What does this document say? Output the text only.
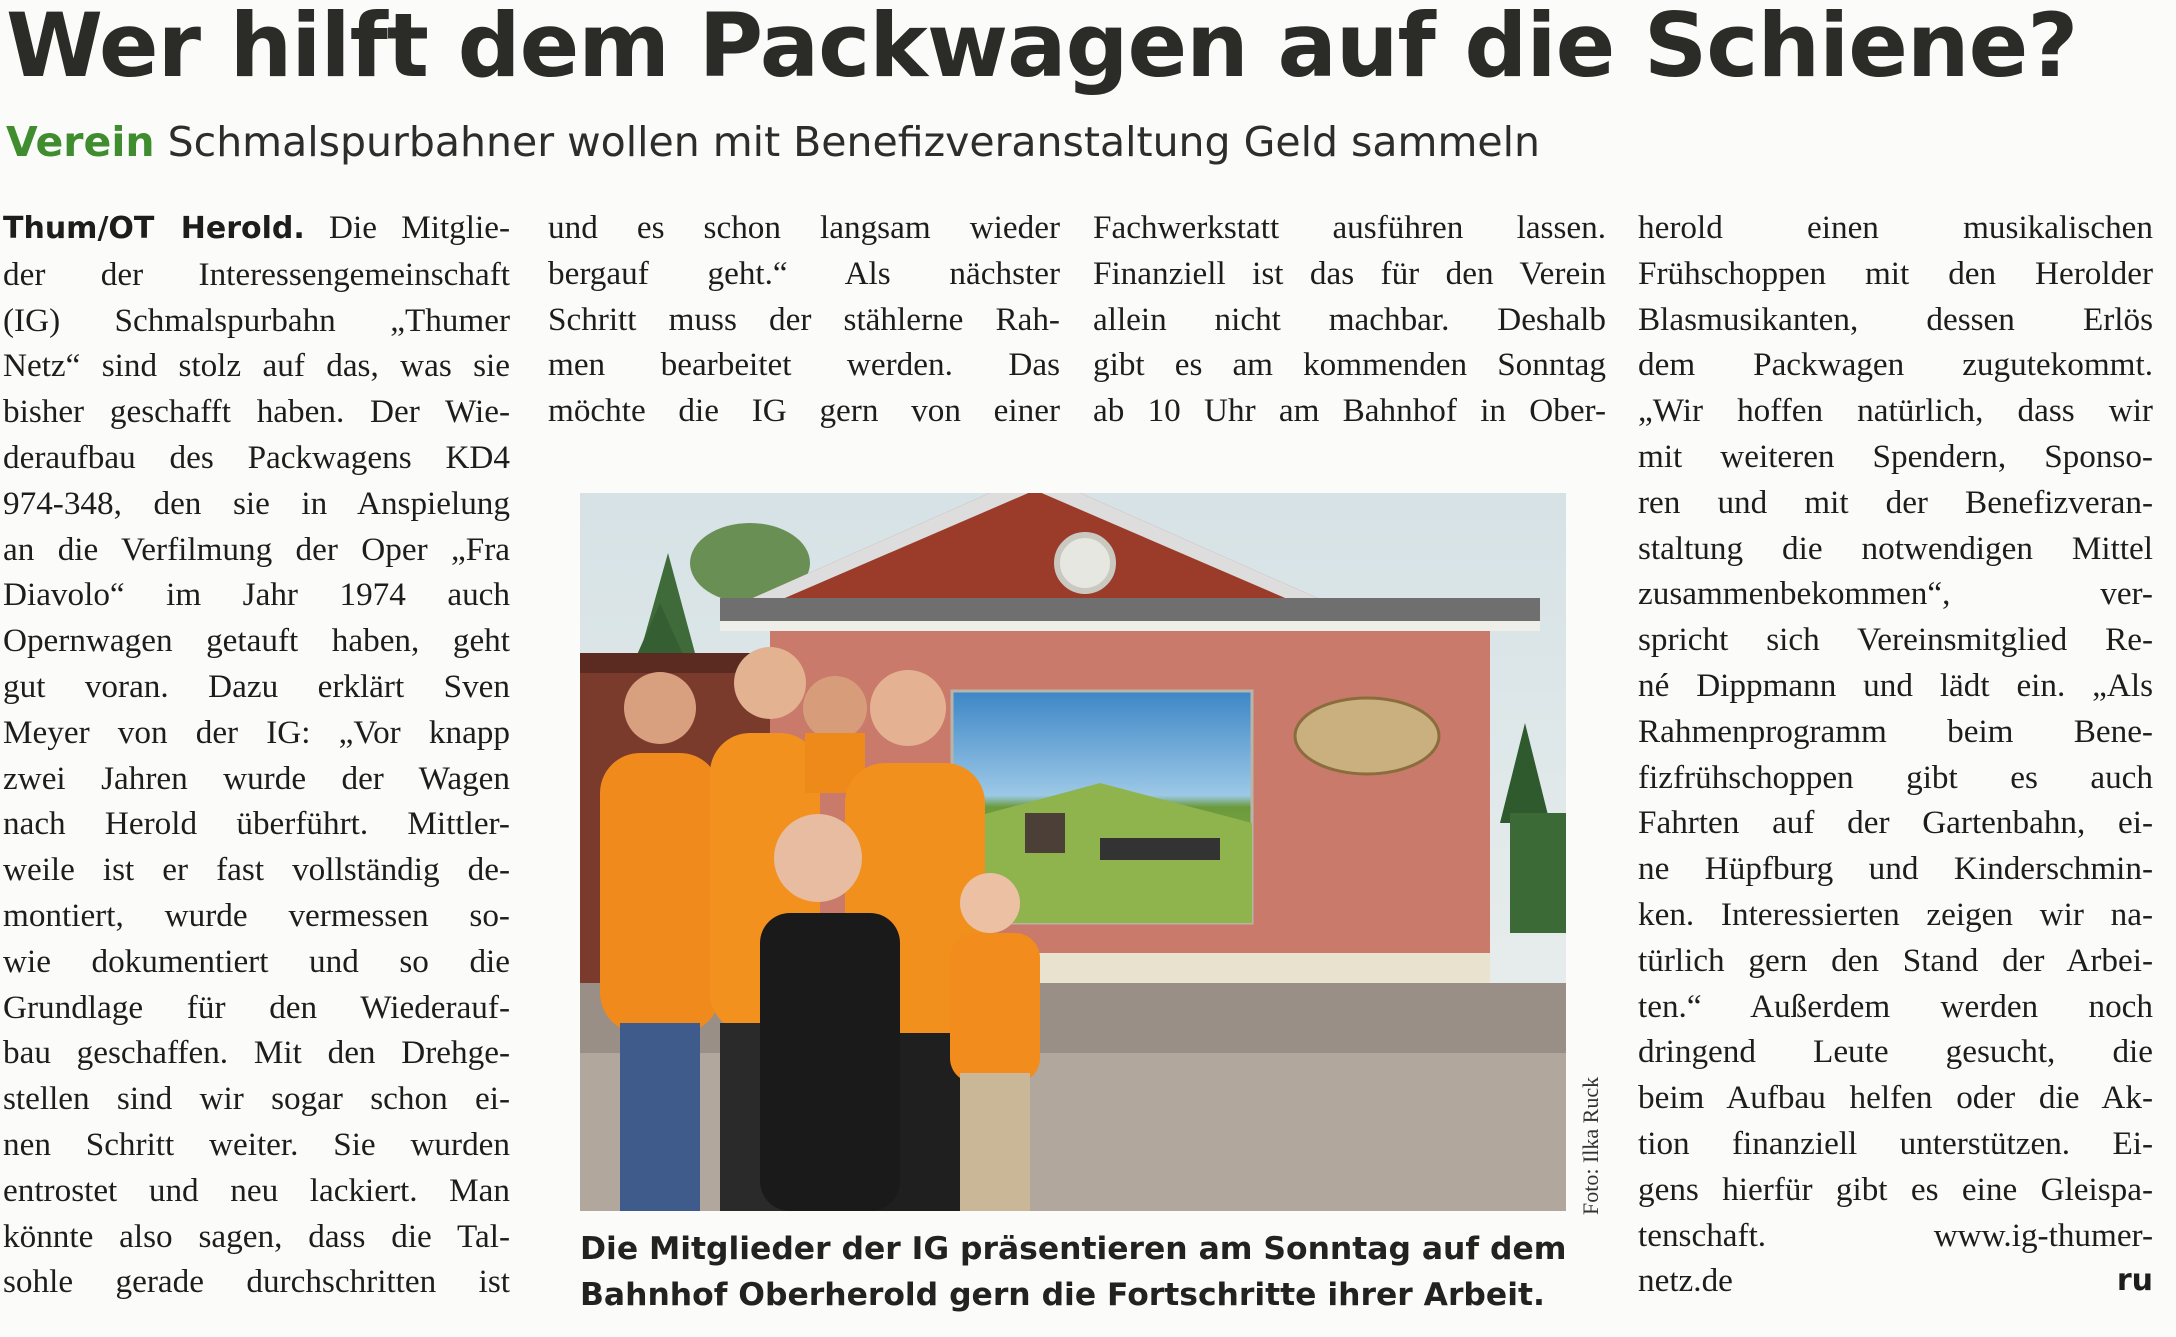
Wer hilft dem Packwagen auf die Schiene?
Verein Schmalspurbahner wollen mit Benefizveranstaltung Geld sammeln

Thum/OT Herold. Die Mitglie-
der der Interessengemeinschaft
(IG) Schmalspurbahn „Thumer
Netz“ sind stolz auf das, was sie
bisher geschafft haben. Der Wie-
deraufbau des Packwagens KD4
974-348, den sie in Anspielung
an die Verfilmung der Oper „Fra
Diavolo“ im Jahr 1974 auch
Opernwagen getauft haben, geht
gut voran. Dazu erklärt Sven
Meyer von der IG: „Vor knapp
zwei Jahren wurde der Wagen
nach Herold überführt. Mittler-
weile ist er fast vollständig de-
montiert, wurde vermessen so-
wie dokumentiert und so die
Grundlage für den Wiederauf-
bau geschaffen. Mit den Drehge-
stellen sind wir sogar schon ei-
nen Schritt weiter. Sie wurden
entrostet und neu lackiert. Man
könnte also sagen, dass die Tal-
sohle gerade durchschritten ist

und es schon langsam wieder
bergauf geht.“ Als nächster
Schritt muss der stählerne Rah-
men bearbeitet werden. Das
möchte die IG gern von einer

Fachwerkstatt ausführen lassen.
Finanziell ist das für den Verein
allein nicht machbar. Deshalb
gibt es am kommenden Sonntag
ab 10 Uhr am Bahnhof in Ober-

herold einen musikalischen
Frühschoppen mit den Herolder
Blasmusikanten, dessen Erlös
dem Packwagen zugutekommt.
„Wir hoffen natürlich, dass wir
mit weiteren Spendern, Sponso-
ren und mit der Benefizveran-
staltung die notwendigen Mittel
zusammenbekommen“, ver-
spricht sich Vereinsmitglied Re-
né Dippmann und lädt ein. „Als
Rahmenprogramm beim Bene-
fizfrühschoppen gibt es auch
Fahrten auf der Gartenbahn, ei-
ne Hüpfburg und Kinderschmin-
ken. Interessierten zeigen wir na-
türlich gern den Stand der Arbei-
ten.“ Außerdem werden noch
dringend Leute gesucht, die
beim Aufbau helfen oder die Ak-
tion finanziell unterstützen. Ei-
gens hierfür gibt es eine Gleispa-
tenschaft. www.ig-thumer-
netz.de	ru

Foto: Ilka Ruck

Die Mitglieder der IG präsentieren am Sonntag auf dem
Bahnhof Oberherold gern die Fortschritte ihrer Arbeit.
